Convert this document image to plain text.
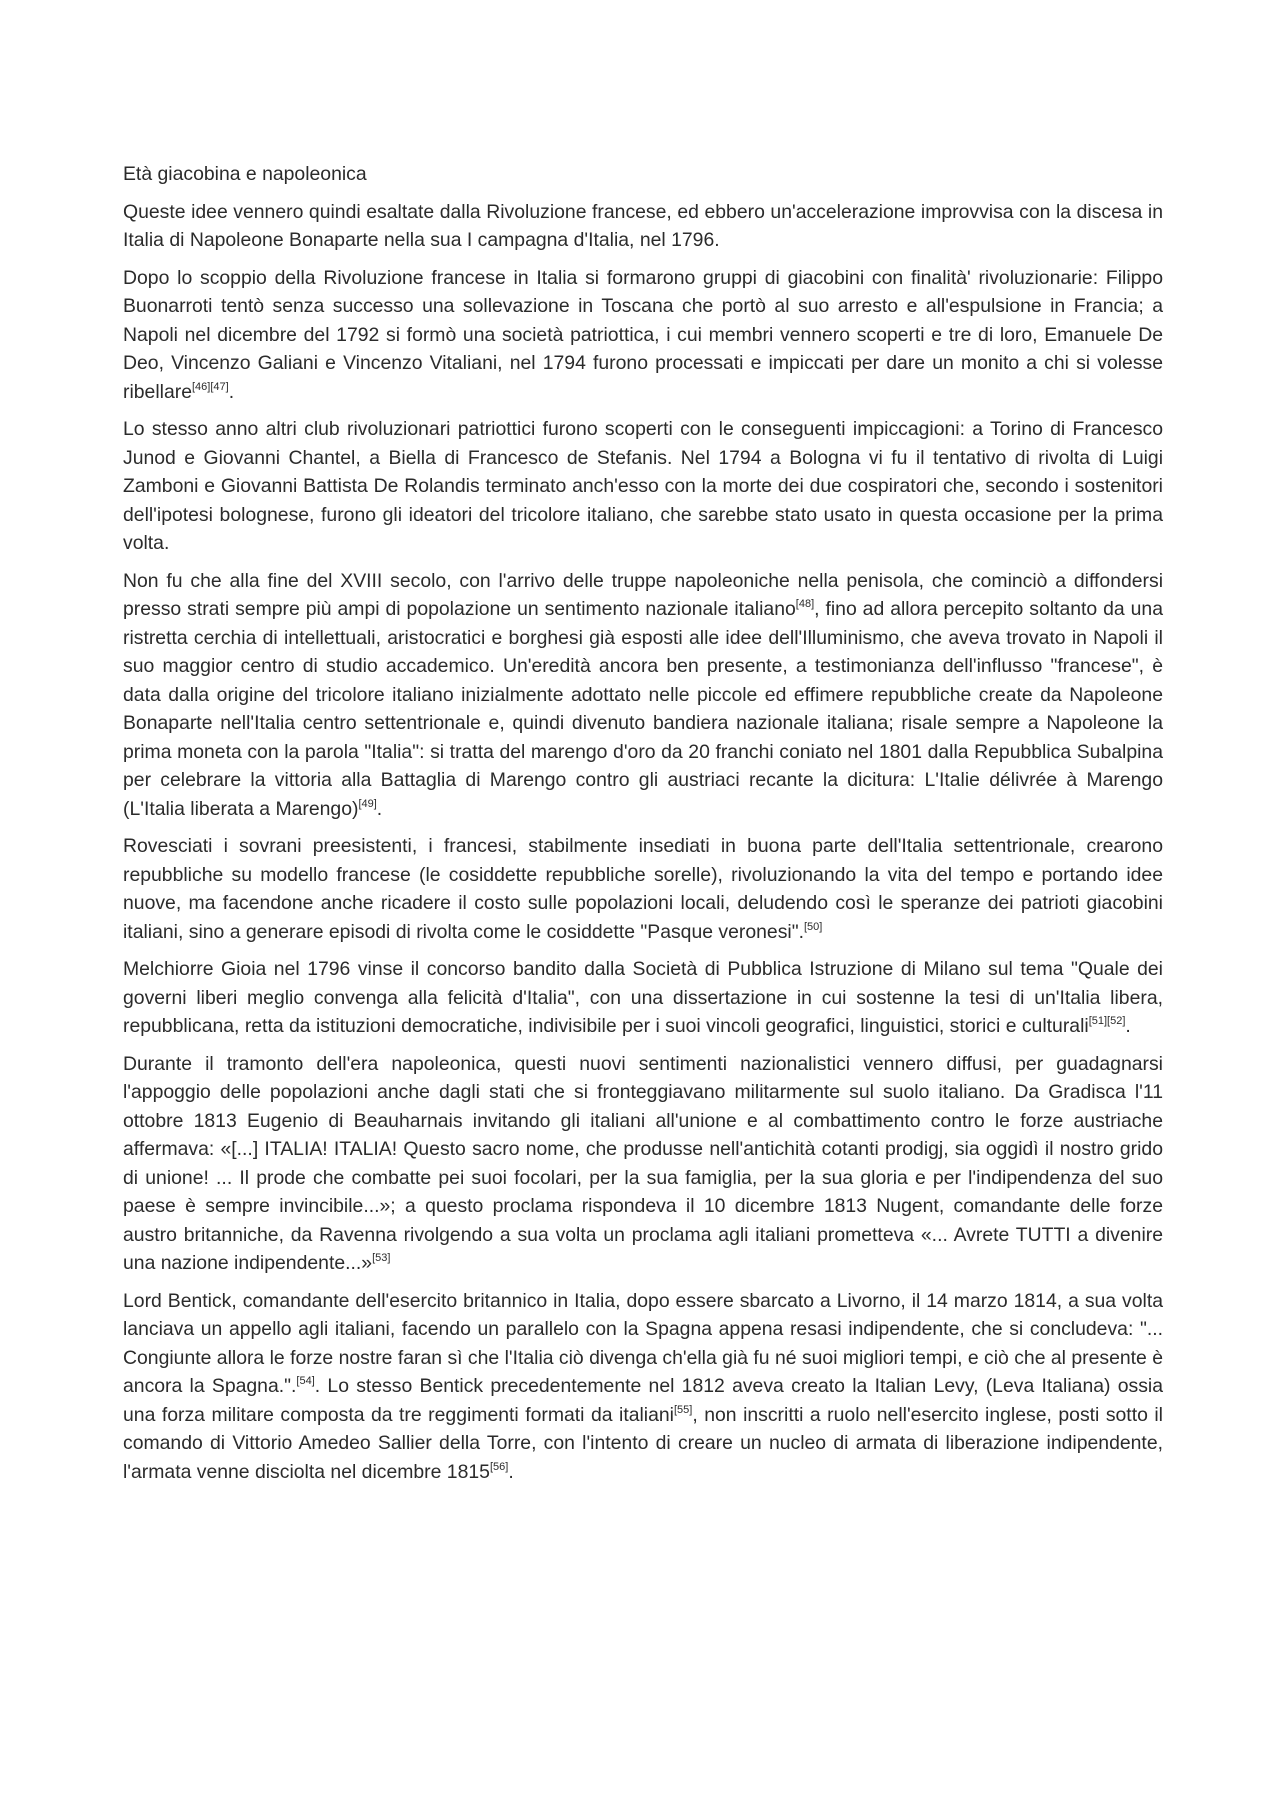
Età giacobina e napoleonica

Queste idee vennero quindi esaltate dalla Rivoluzione francese, ed ebbero un'accelerazione improvvisa con la discesa in Italia di Napoleone Bonaparte nella sua I campagna d'Italia, nel 1796.

Dopo lo scoppio della Rivoluzione francese in Italia si formarono gruppi di giacobini con finalità' rivoluzionarie: Filippo Buonarroti tentò senza successo una sollevazione in Toscana che portò al suo arresto e all'espulsione in Francia; a Napoli nel dicembre del 1792 si formò una società patriottica, i cui membri vennero scoperti e tre di loro, Emanuele De Deo, Vincenzo Galiani e Vincenzo Vitaliani, nel 1794 furono processati e impiccati per dare un monito a chi si volesse ribellare[46][47].

Lo stesso anno altri club rivoluzionari patriottici furono scoperti con le conseguenti impiccagioni: a Torino di Francesco Junod e Giovanni Chantel, a Biella di Francesco de Stefanis. Nel 1794 a Bologna vi fu il tentativo di rivolta di Luigi Zamboni e Giovanni Battista De Rolandis terminato anch'esso con la morte dei due cospiratori che, secondo i sostenitori dell'ipotesi bolognese, furono gli ideatori del tricolore italiano, che sarebbe stato usato in questa occasione per la prima volta.

Non fu che alla fine del XVIII secolo, con l'arrivo delle truppe napoleoniche nella penisola, che cominciò a diffondersi presso strati sempre più ampi di popolazione un sentimento nazionale italiano[48], fino ad allora percepito soltanto da una ristretta cerchia di intellettuali, aristocratici e borghesi già esposti alle idee dell'Illuminismo, che aveva trovato in Napoli il suo maggior centro di studio accademico. Un'eredità ancora ben presente, a testimonianza dell'influsso "francese", è data dalla origine del tricolore italiano inizialmente adottato nelle piccole ed effimere repubbliche create da Napoleone Bonaparte nell'Italia centro settentrionale e, quindi divenuto bandiera nazionale italiana; risale sempre a Napoleone la prima moneta con la parola "Italia": si tratta del marengo d'oro da 20 franchi coniato nel 1801 dalla Repubblica Subalpina per celebrare la vittoria alla Battaglia di Marengo contro gli austriaci recante la dicitura: L'Italie délivrée à Marengo (L'Italia liberata a Marengo)[49].

Rovesciati i sovrani preesistenti, i francesi, stabilmente insediati in buona parte dell'Italia settentrionale, crearono repubbliche su modello francese (le cosiddette repubbliche sorelle), rivoluzionando la vita del tempo e portando idee nuove, ma facendone anche ricadere il costo sulle popolazioni locali, deludendo così le speranze dei patrioti giacobini italiani, sino a generare episodi di rivolta come le cosiddette "Pasque veronesi".[50]

Melchiorre Gioia nel 1796 vinse il concorso bandito dalla Società di Pubblica Istruzione di Milano sul tema "Quale dei governi liberi meglio convenga alla felicità d'Italia", con una dissertazione in cui sostenne la tesi di un'Italia libera, repubblicana, retta da istituzioni democratiche, indivisibile per i suoi vincoli geografici, linguistici, storici e culturali[51][52].

Durante il tramonto dell'era napoleonica, questi nuovi sentimenti nazionalistici vennero diffusi, per guadagnarsi l'appoggio delle popolazioni anche dagli stati che si fronteggiavano militarmente sul suolo italiano. Da Gradisca l'11 ottobre 1813 Eugenio di Beauharnais invitando gli italiani all'unione e al combattimento contro le forze austriache affermava: «[...] ITALIA! ITALIA! Questo sacro nome, che produsse nell'antichità cotanti prodigj, sia oggidì il nostro grido di unione! ... Il prode che combatte pei suoi focolari, per la sua famiglia, per la sua gloria e per l'indipendenza del suo paese è sempre invincibile...»; a questo proclama rispondeva il 10 dicembre 1813 Nugent, comandante delle forze austro britanniche, da Ravenna rivolgendo a sua volta un proclama agli italiani prometteva «... Avrete TUTTI a divenire una nazione indipendente...»[53]

Lord Bentick, comandante dell'esercito britannico in Italia, dopo essere sbarcato a Livorno, il 14 marzo 1814, a sua volta lanciava un appello agli italiani, facendo un parallelo con la Spagna appena resasi indipendente, che si concludeva: "... Congiunte allora le forze nostre faran sì che l'Italia ciò divenga ch'ella già fu né suoi migliori tempi, e ciò che al presente è ancora la Spagna.".[54]. Lo stesso Bentick precedentemente nel 1812 aveva creato la Italian Levy, (Leva Italiana) ossia una forza militare composta da tre reggimenti formati da italiani[55], non inscritti a ruolo nell'esercito inglese, posti sotto il comando di Vittorio Amedeo Sallier della Torre, con l'intento di creare un nucleo di armata di liberazione indipendente, l'armata venne disciolta nel dicembre 1815[56].
